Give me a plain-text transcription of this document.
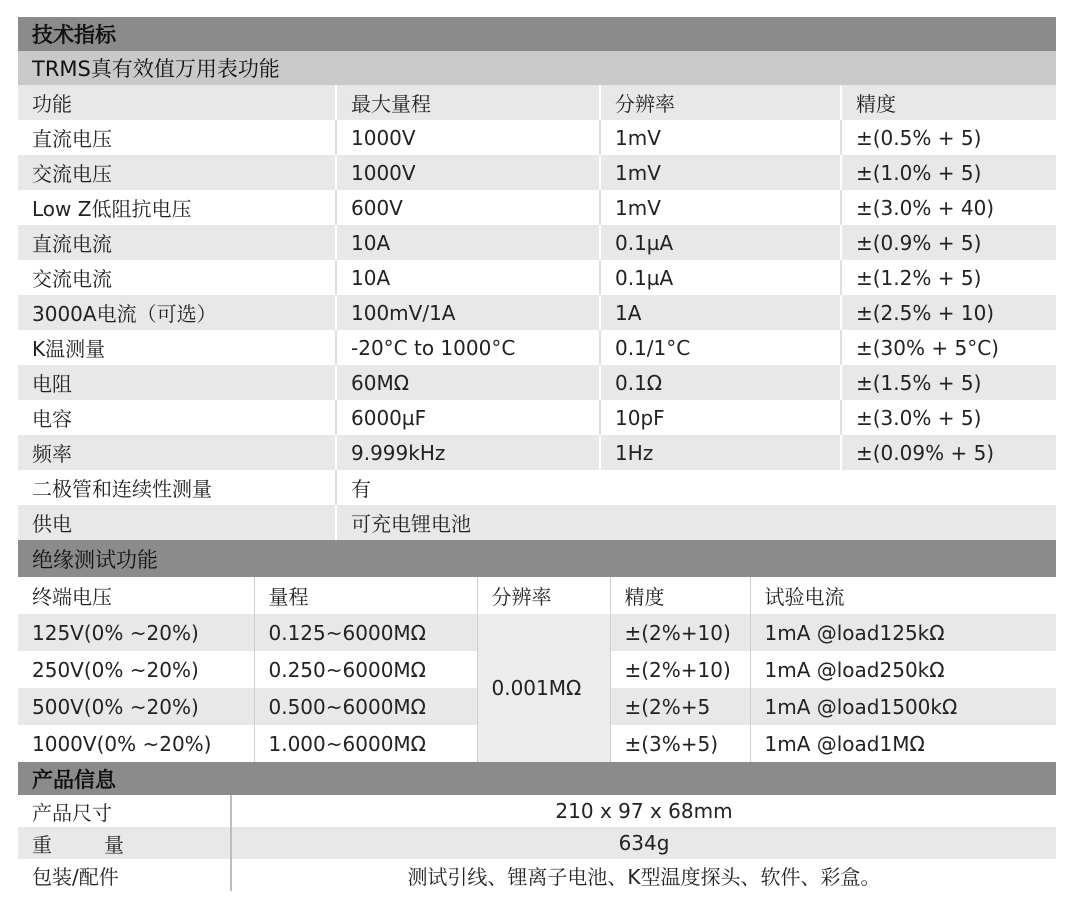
技术指标
TRMS真有效值万用表功能
功能	最大量程	分辨率	精度
直流电压	1000V	1mV	±(0.5% + 5)
交流电压	1000V	1mV	±(1.0% + 5)
Low Z低阻抗电压	600V	1mV	±(3.0% + 40)
直流电流	10A	0.1µA	±(0.9% + 5)
交流电流	10A	0.1µA	±(1.2% + 5)
3000A电流（可选）	100mV/1A	1A	±(2.5% + 10)
K温测量	-20°C to 1000°C	0.1/1°C	±(30% + 5°C)
电阻	60MΩ	0.1Ω	±(1.5% + 5)
电容	6000µF	10pF	±(3.0% + 5)
频率	9.999kHz	1Hz	±(0.09% + 5)
二极管和连续性测量	有		
供电	可充电锂电池		
绝缘测试功能
终端电压	量程	分辨率	精度	试验电流
125V(0% ~20%)	0.125~6000MΩ	0.001MΩ	±(2%+10)	1mA @load125kΩ
250V(0% ~20%)	0.250~6000MΩ		±(2%+10)	1mA @load250kΩ
500V(0% ~20%)	0.500~6000MΩ		±(2%+5	1mA @load1500kΩ
1000V(0% ~20%)	1.000~6000MΩ		±(3%+5)	1mA @load1MΩ
产品信息
产品尺寸	210 x 97 x 68mm
重 量	634g
包装/配件	测试引线、锂离子电池、K型温度探头、软件、彩盒。
